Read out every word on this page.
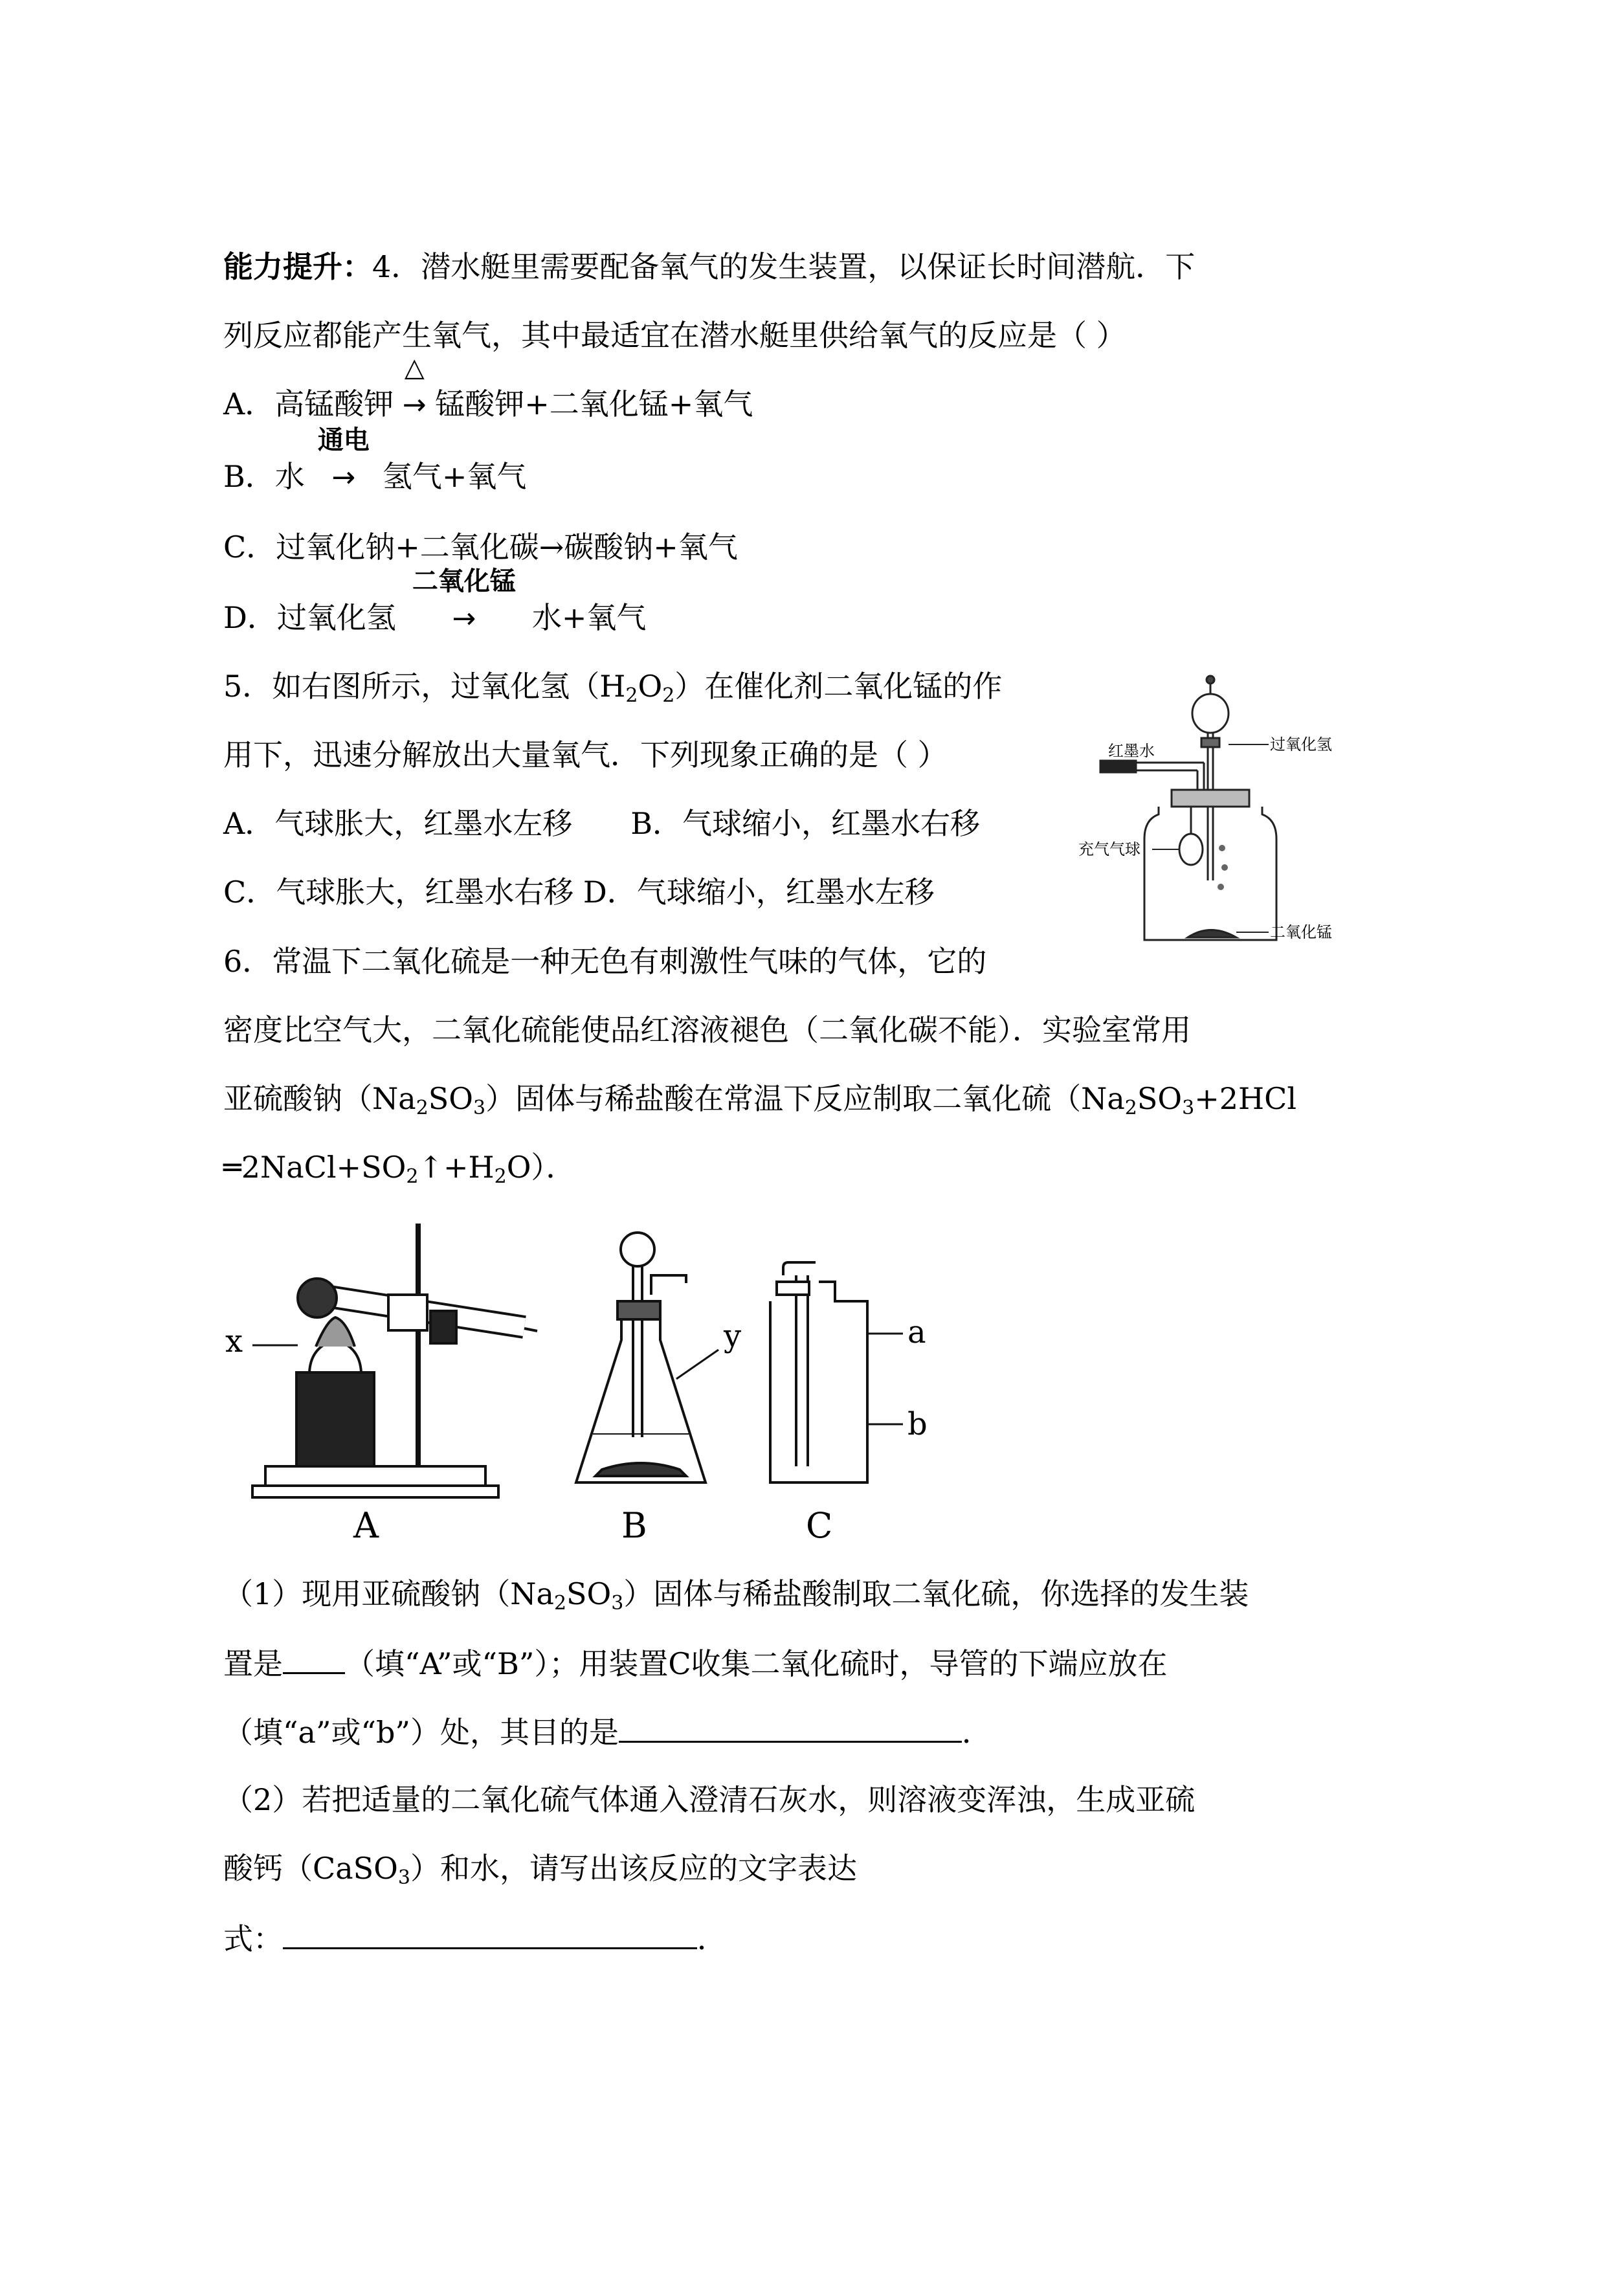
能力提升：4．潜水艇里需要配备氧气的发生装置，以保证长时间潜航．下
列反应都能产生氧气，其中最适宜在潜水艇里供给氧气的反应是（ ）
A．高锰酸钾
△
→ 锰酸钾+二氧化锰+氧气
B．水
通电
→ 氢气+氧气
C．过氧化钠+二氧化碳→碳酸钠+氧气
D．过氧化氢
二氧化锰
→ 水+氧气
5．如右图所示，过氧化氢$(H_2O_2)$在催化剂二氧化锰的作
用下，迅速分解放出大量氧气．下列现象正确的是（ ）
A．气球胀大，红墨水左移 B．气球缩小，红墨水右移
C．气球胀大，红墨水右移 D．气球缩小，红墨水左移
红墨水	过氧化氢
充气气球
二氧化锰
6．常温下二氧化硫是一种无色有刺激性气味的气体，它的
密度比空气大，二氧化硫能使品红溶液褪色（二氧化碳不能）．实验室常用
亚硫酸钠$(Na_2SO_3)$固体与稀盐酸在常温下反应制取二氧化硫（$Na_2SO_3+2HCl$
$═2NaCl+SO_2↑+H_2O$）．
x	y	a
b
A	B	C
（1）现用亚硫酸钠$(Na_2SO_3)$固体与稀盐酸制取二氧化硫，你选择的发生装
置是 （填“A”或“B”）；用装置C收集二氧化硫时，导管的下端应放在
（填“a”或“b”）处，其目的是	．
（2）若把适量的二氧化硫气体通入澄清石灰水，则溶液变浑浊，生成亚硫
酸钙（CaSO$_3$）和水，请写出该反应的文字表达
式：	．
